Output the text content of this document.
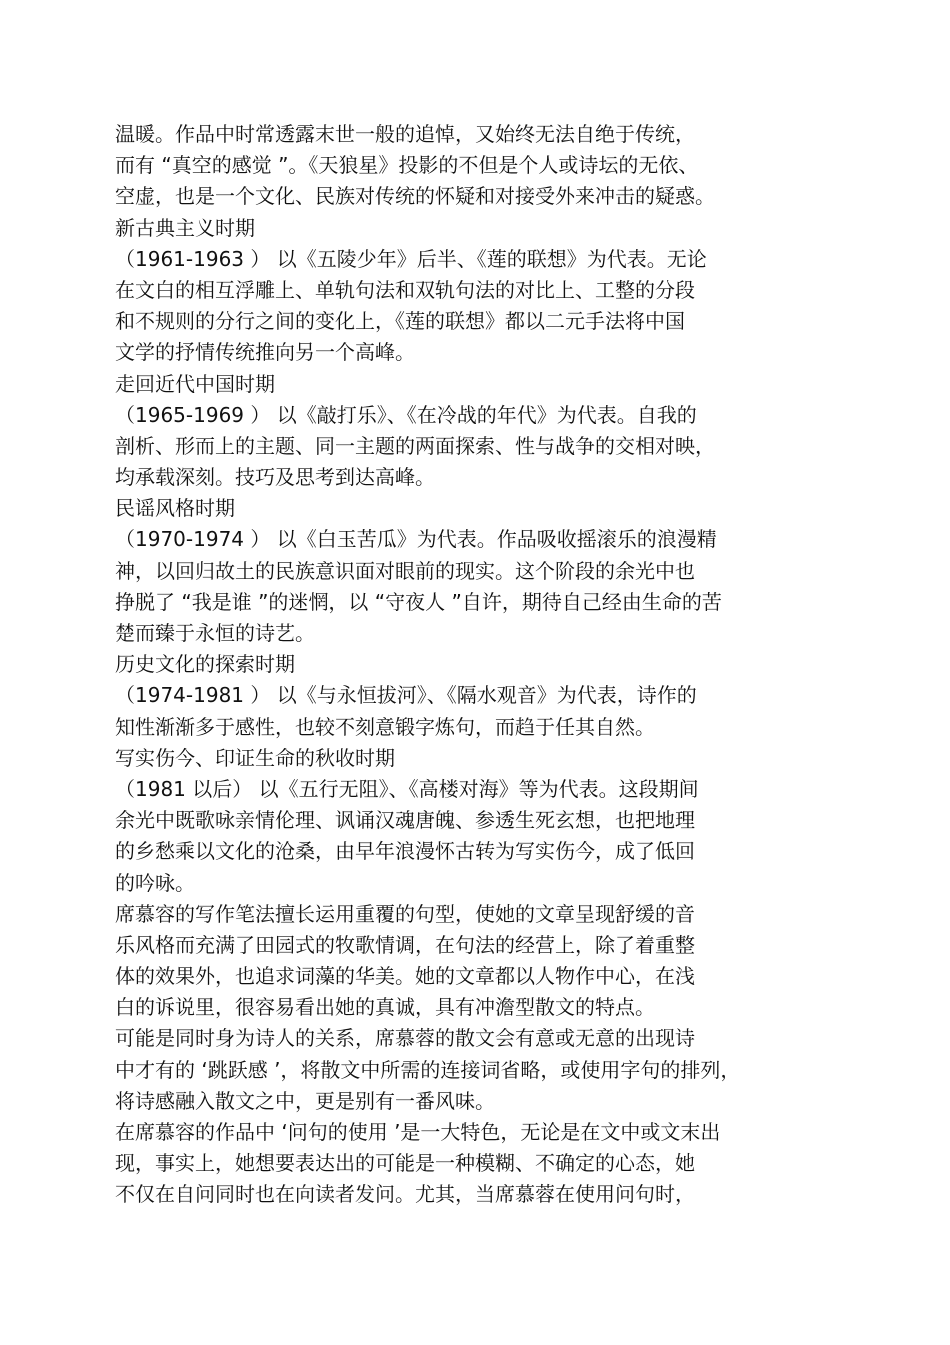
温暖。作品中时常透露末世一般的追悼，又始终无法自绝于传统，
而有 “真空的感觉 ”。《天狼星》投影的不但是个人或诗坛的无依、
空虚，也是一个文化、民族对传统的怀疑和对接受外来冲击的疑惑。
新古典主义时期
（1961-1963 ） 以《五陵少年》后半、《莲的联想》为代表。无论
在文白的相互浮雕上、单轨句法和双轨句法的对比上、工整的分段
和不规则的分行之间的变化上，《莲的联想》都以二元手法将中国
文学的抒情传统推向另一个高峰。
走回近代中国时期
（1965-1969 ） 以《敲打乐》、《在冷战的年代》为代表。自我的
剖析、形而上的主题、同一主题的两面探索、性与战争的交相对映，
均承载深刻。技巧及思考到达高峰。
民谣风格时期
（1970-1974 ） 以《白玉苦瓜》为代表。作品吸收摇滚乐的浪漫精
神，以回归故土的民族意识面对眼前的现实。这个阶段的余光中也
挣脱了 “我是谁 ”的迷惘，以 “守夜人 ”自许，期待自己经由生命的苦
楚而臻于永恒的诗艺。
历史文化的探索时期
（1974-1981 ） 以《与永恒拔河》、《隔水观音》为代表，诗作的
知性渐渐多于感性，也较不刻意锻字炼句，而趋于任其自然。
写实伤今、印证生命的秋收时期
（1981 以后） 以《五行无阻》、《高楼对海》等为代表。这段期间
余光中既歌咏亲情伦理、讽诵汉魂唐魄、参透生死玄想，也把地理
的乡愁乘以文化的沧桑，由早年浪漫怀古转为写实伤今，成了低回
的吟咏。
席慕容的写作笔法擅长运用重覆的句型，使她的文章呈现舒缓的音
乐风格而充满了田园式的牧歌情调，在句法的经营上，除了着重整
体的效果外，也追求词藻的华美。她的文章都以人物作中心，在浅
白的诉说里，很容易看出她的真诚，具有冲澹型散文的特点。
可能是同时身为诗人的关系，席慕蓉的散文会有意或无意的出现诗
中才有的 ‘跳跃感 ’，将散文中所需的连接词省略，或使用字句的排列，
将诗感融入散文之中，更是别有一番风味。
在席慕容的作品中 ‘问句的使用 ’是一大特色，无论是在文中或文末出
现，事实上，她想要表达出的可能是一种模糊、不确定的心态，她
不仅在自问同时也在向读者发问。尤其，当席慕蓉在使用问句时，
